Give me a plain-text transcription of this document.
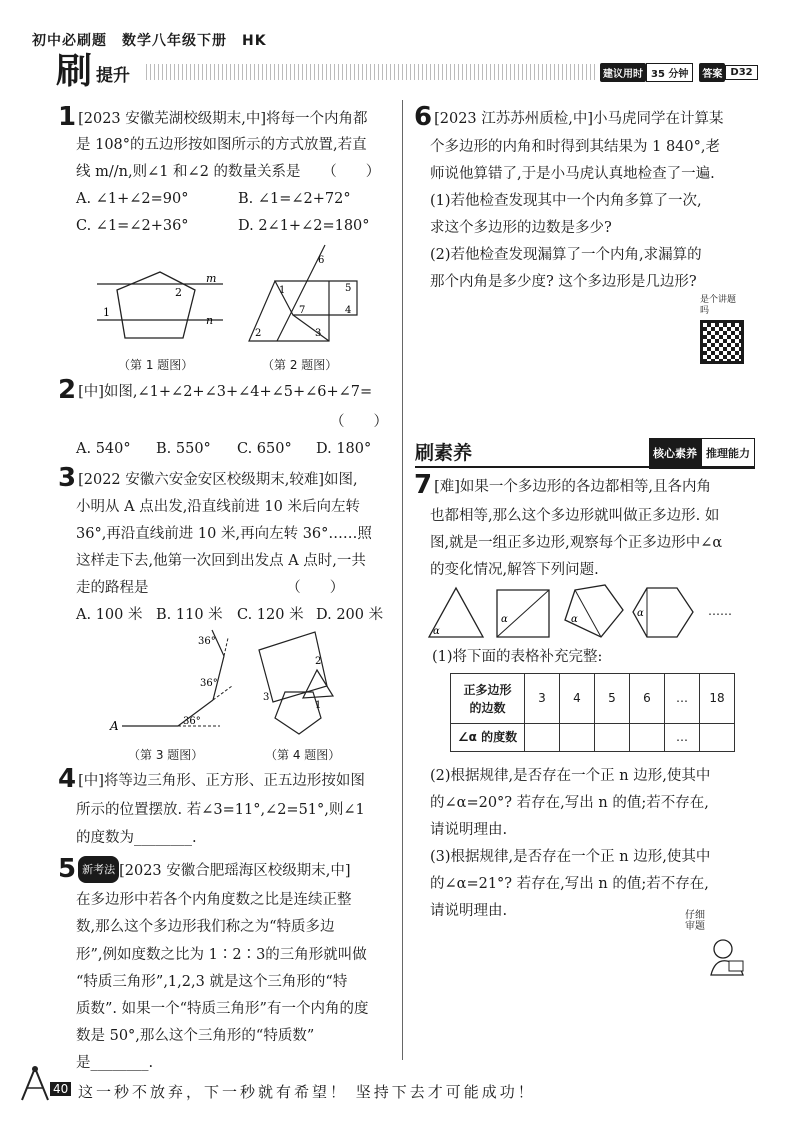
初中必刷题　数学八年级下册　HK
刷 提升	建议用时 35 分钟	答案 D32
1 [2023 安徽芜湖校级期末,中]将每一个内角都
是 108°的五边形按如图所示的方式放置,若直
线 m//n,则∠1 和∠2 的数量关系是　　（　　）
A. ∠1+∠2=90°	B. ∠1=∠2+72°
C. ∠1=∠2+36°	D. 2∠1+∠2=180°
m
n
2
1
（第 1 题图）
6
1	5
7	4
2	3
（第 2 题图）
2 [中]如图,∠1+∠2+∠3+∠4+∠5+∠6+∠7=
（　　）
A. 540° B. 550° C. 650° D. 180°
3 [2022 安徽六安金安区校级期末,较难]如图,
小明从 A 点出发,沿直线前进 10 米后向左转
36°,再沿直线前进 10 米,再向左转 36°……照
这样走下去,他第一次回到出发点 A 点时,一共
走的路程是　　　　　　　　　　（　　）
A. 100 米 B. 110 米 C. 120 米 D. 200 米
A	36°
36°
36°
（第 3 题图）
2
3
1
（第 4 题图）
4 [中]将等边三角形、正方形、正五边形按如图
所示的位置摆放. 若∠3=11°,∠2=51°,则∠1
的度数为________.
5 新考法 [2023 安徽合肥瑶海区校级期末,中]
在多边形中若各个内角度数之比是连续正整
数,那么这个多边形我们称之为“特质多边
形”,例如度数之比为 1∶2∶3的三角形就叫做
“特质三角形”,1,2,3 就是这个三角形的“特
质数”. 如果一个“特质三角形”有一个内角的度
数是 50°,那么这个三角形的“特质数”
是________.
6 [2023 江苏苏州质检,中]小马虎同学在计算某
个多边形的内角和时得到其结果为 1 840°,老
师说他算错了,于是小马虎认真地检查了一遍.
(1)若他检查发现其中一个内角多算了一次,
求这个多边形的边数是多少?
(2)若他检查发现漏算了一个内角,求漏算的
那个内角是多少度? 这个多边形是几边形?
是个讲题吗
刷素养	核心素养 推理能力
7 [难]如果一个多边形的各边都相等,且各内角
也都相等,那么这个多边形就叫做正多边形. 如
图,就是一组正多边形,观察每个正多边形中∠α
的变化情况,解答下列问题.
α
α	α
α	……
(1)将下面的表格补充完整:
正多边形
的边数	3	4	5	6	…	18
∠α 的度数					…	
(2)根据规律,是否存在一个正 n 边形,使其中
的∠α=20°? 若存在,写出 n 的值;若不存在,
请说明理由.
(3)根据规律,是否存在一个正 n 边形,使其中
的∠α=21°? 若存在,写出 n 的值;若不存在,
请说明理由.	仔细审题
40 这一秒不放弃，下一秒就有希望！ 坚持下去才可能成功！
